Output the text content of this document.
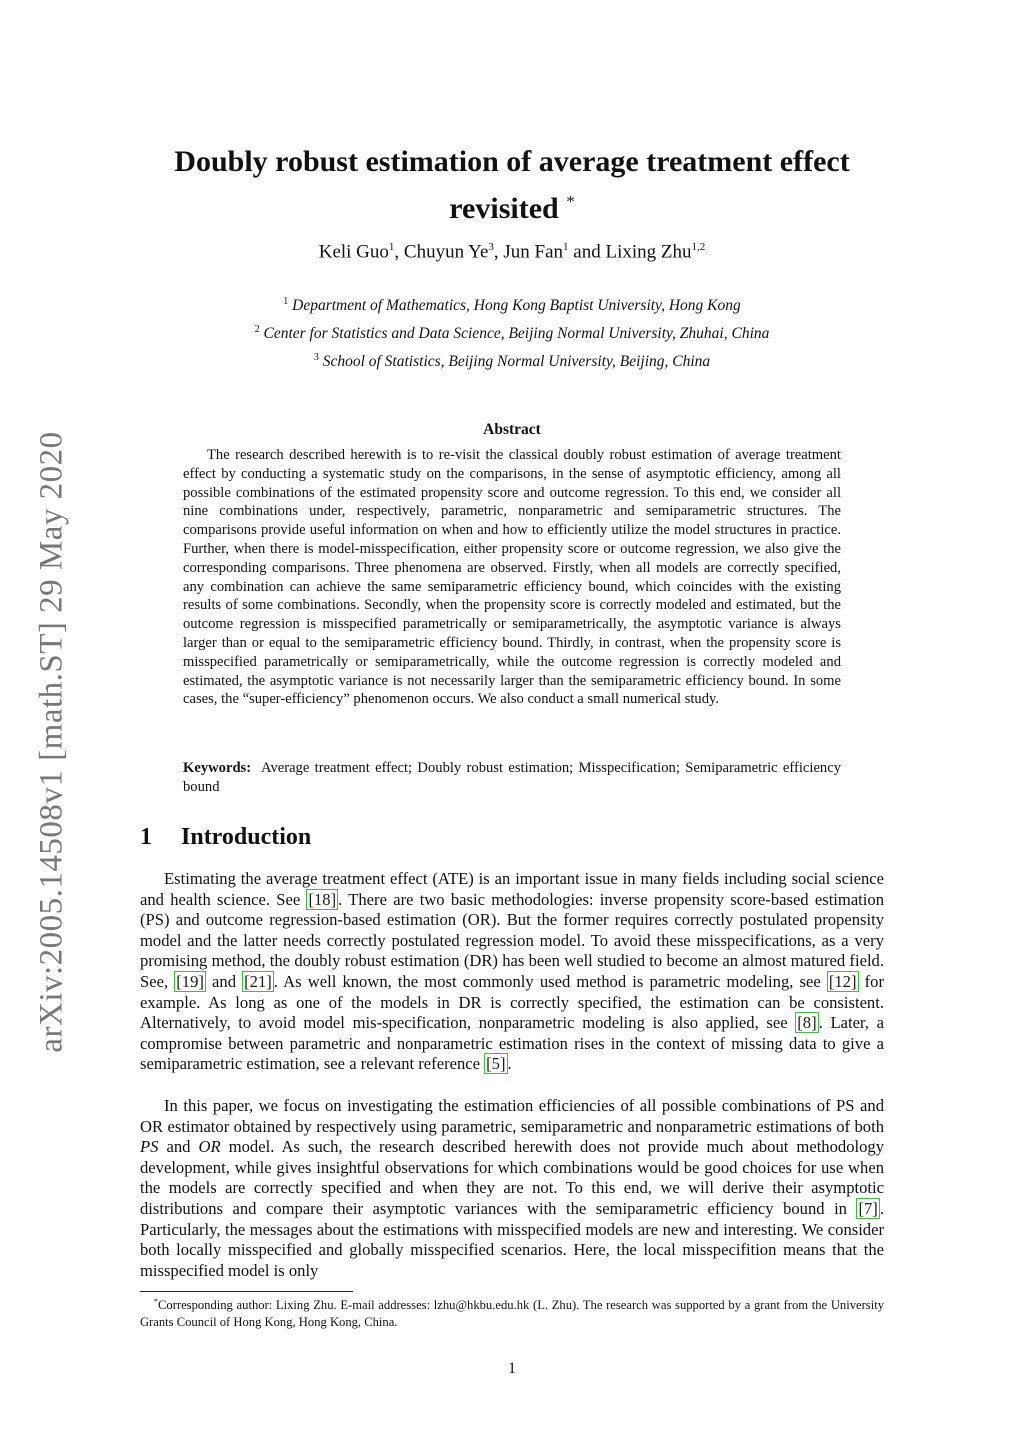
arXiv:2005.14508v1 [math.ST] 29 May 2020
Doubly robust estimation of average treatment effect revisited *
Keli Guo$^1$, Chuyun Ye$^3$, Jun Fan$^1$ and Lixing Zhu$^{1,2}$
$^1$ Department of Mathematics, Hong Kong Baptist University, Hong Kong
$^2$ Center for Statistics and Data Science, Beijing Normal University, Zhuhai, China
$^3$ School of Statistics, Beijing Normal University, Beijing, China
Abstract

The research described herewith is to re-visit the classical doubly robust estimation of average treatment effect by conducting a systematic study on the comparisons, in the sense of asymptotic efficiency, among all possible combinations of the estimated propensity score and outcome regression. To this end, we consider all nine combinations under, respectively, parametric, nonparametric and semiparametric structures. The comparisons provide useful information on when and how to efficiently utilize the model structures in practice. Further, when there is model-misspecification, either propensity score or outcome regression, we also give the corresponding comparisons. Three phenomena are observed. Firstly, when all models are correctly specified, any combination can achieve the same semiparametric efficiency bound, which coincides with the existing results of some combinations. Secondly, when the propensity score is correctly modeled and estimated, but the outcome regression is misspecified parametrically or semiparametrically, the asymptotic variance is always larger than or equal to the semiparametric efficiency bound. Thirdly, in contrast, when the propensity score is misspecified parametrically or semiparametrically, while the outcome regression is correctly modeled and estimated, the asymptotic variance is not necessarily larger than the semiparametric efficiency bound. In some cases, the “super-efficiency” phenomenon occurs. We also conduct a small numerical study.

Keywords: Average treatment effect; Doubly robust estimation; Misspecification; Semiparametric efficiency bound

1 Introduction

Estimating the average treatment effect (ATE) is an important issue in many fields including social science and health science. See [18] . There are two basic methodologies: inverse propensity score-based estimation (PS) and outcome regression-based estimation (OR). But the former requires correctly postulated propensity model and the latter needs correctly postulated regression model. To avoid these misspecifications, as a very promising method, the doubly robust estimation (DR) has been well studied to become an almost matured field. See, [19] and [21] . As well known, the most commonly used method is parametric modeling, see [12] for example. As long as one of the models in DR is correctly specified, the estimation can be consistent. Alternatively, to avoid model mis-specification, nonparametric modeling is also applied, see [8] . Later, a compromise between parametric and nonparametric estimation rises in the context of missing data to give a semiparametric estimation, see a relevant reference [5] .

In this paper, we focus on investigating the estimation efficiencies of all possible combinations of PS and OR estimator obtained by respectively using parametric, semiparametric and nonparametric estimations of both PS and OR model. As such, the research described herewith does not provide much about methodology development, while gives insightful observations for which combinations would be good choices for use when the models are correctly specified and when they are not. To this end, we will derive their asymptotic distributions and compare their asymptotic variances with the semiparametric efficiency bound in [7] . Particularly, the messages about the estimations with misspecified models are new and interesting. We consider both locally misspecified and globally misspecified scenarios. Here, the local misspecifition means that the misspecified model is only

*Corresponding author: Lixing Zhu. E-mail addresses: lzhu@hkbu.edu.hk (L. Zhu). The research was supported by a grant from the University Grants Council of Hong Kong, Hong Kong, China.

1
